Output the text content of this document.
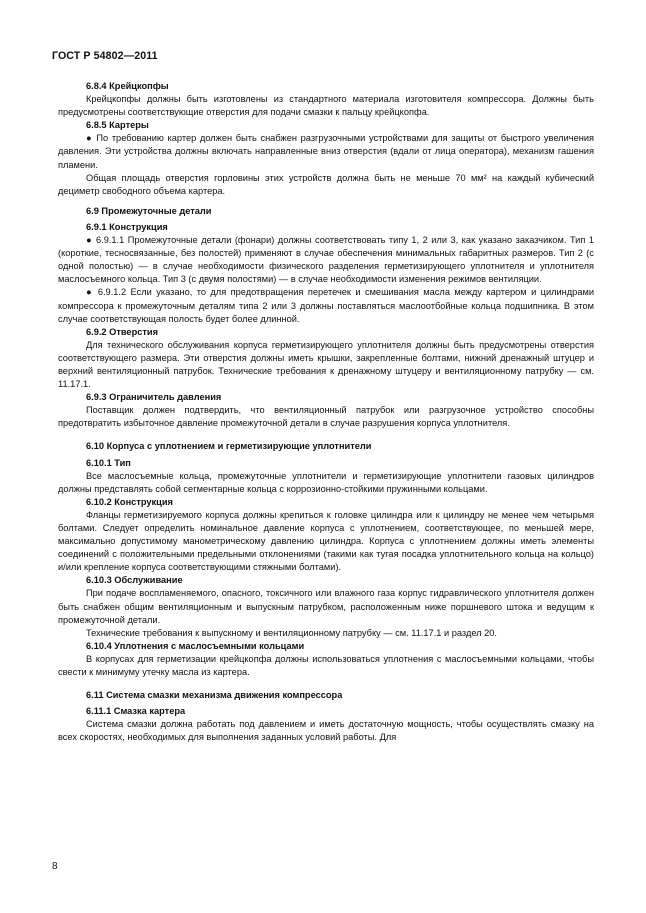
ГОСТ Р 54802—2011

6.8.4 Крейцкопфы

Крейцкопфы должны быть изготовлены из стандартного материала изготовителя компрессора. Должны быть предусмотрены соответствующие отверстия для подачи смазки к пальцу крейцкопфа.

6.8.5 Картеры

● По требованию картер должен быть снабжен разгрузочными устройствами для защиты от быстрого увеличения давления. Эти устройства должны включать направленные вниз отверстия (вдали от лица оператора), механизм гашения пламени.

Общая площадь отверстия горловины этих устройств должна быть не меньше 70 мм² на каждый кубический дециметр свободного объема картера.

6.9 Промежуточные детали

6.9.1 Конструкция

● 6.9.1.1 Промежуточные детали (фонари) должны соответствовать типу 1, 2 или 3, как указано заказчиком. Тип 1 (короткие, тесносвязанные, без полостей) применяют в случае обеспечения минимальных габаритных размеров. Тип 2 (с одной полостью) — в случае необходимости физического разделения герметизирующего уплотнителя и уплотнителя маслосъемного кольца. Тип 3 (с двумя полостями) — в случае необходимости изменения режимов вентиляции.

● 6.9.1.2 Если указано, то для предотвращения перетечек и смешивания масла между картером и цилиндрами компрессора к промежуточным деталям типа 2 или 3 должны поставляться маслоотбойные кольца подшипника. В этом случае соответствующая полость будет более длинной.

6.9.2 Отверстия

Для технического обслуживания корпуса герметизирующего уплотнителя должны быть предусмотрены отверстия соответствующего размера. Эти отверстия должны иметь крышки, закрепленные болтами, нижний дренажный штуцер и верхний вентиляционный патрубок. Технические требования к дренажному штуцеру и вентиляционному патрубку — см. 11.17.1.

6.9.3 Ограничитель давления

Поставщик должен подтвердить, что вентиляционный патрубок или разгрузочное устройство способны предотвратить избыточное давление промежуточной детали в случае разрушения корпуса уплотнителя.

6.10 Корпуса с уплотнением и герметизирующие уплотнители

6.10.1 Тип

Все маслосъемные кольца, промежуточные уплотнители и герметизирующие уплотнители газовых цилиндров должны представлять собой сегментарные кольца с коррозионно-стойкими пружинными кольцами.

6.10.2 Конструкция

Фланцы герметизируемого корпуса должны крепиться к головке цилиндра или к цилиндру не менее чем четырьмя болтами. Следует определить номинальное давление корпуса с уплотнением, соответствующее, по меньшей мере, максимально допустимому манометрическому давлению цилиндра. Корпуса с уплотнением должны иметь элементы соединений с положительными предельными отклонениями (такими как тугая посадка уплотнительного кольца на кольцо) и/или крепление корпуса соответствующими стяжными болтами).

6.10.3 Обслуживание

При подаче воспламеняемого, опасного, токсичного или влажного газа корпус гидравлического уплотнителя должен быть снабжен общим вентиляционным и выпускным патрубком, расположенным ниже поршневого штока и ведущим к промежуточной детали.

Технические требования к выпускному и вентиляционному патрубку — см. 11.17.1 и раздел 20.

6.10.4 Уплотнения с маслосъемными кольцами

В корпусах для герметизации крейцкопфа должны использоваться уплотнения с маслосъемными кольцами, чтобы свести к минимуму утечку масла из картера.

6.11 Система смазки механизма движения компрессора

6.11.1 Смазка картера

Система смазки должна работать под давлением и иметь достаточную мощность, чтобы осуществлять смазку на всех скоростях, необходимых для выполнения заданных условий работы. Для

8
